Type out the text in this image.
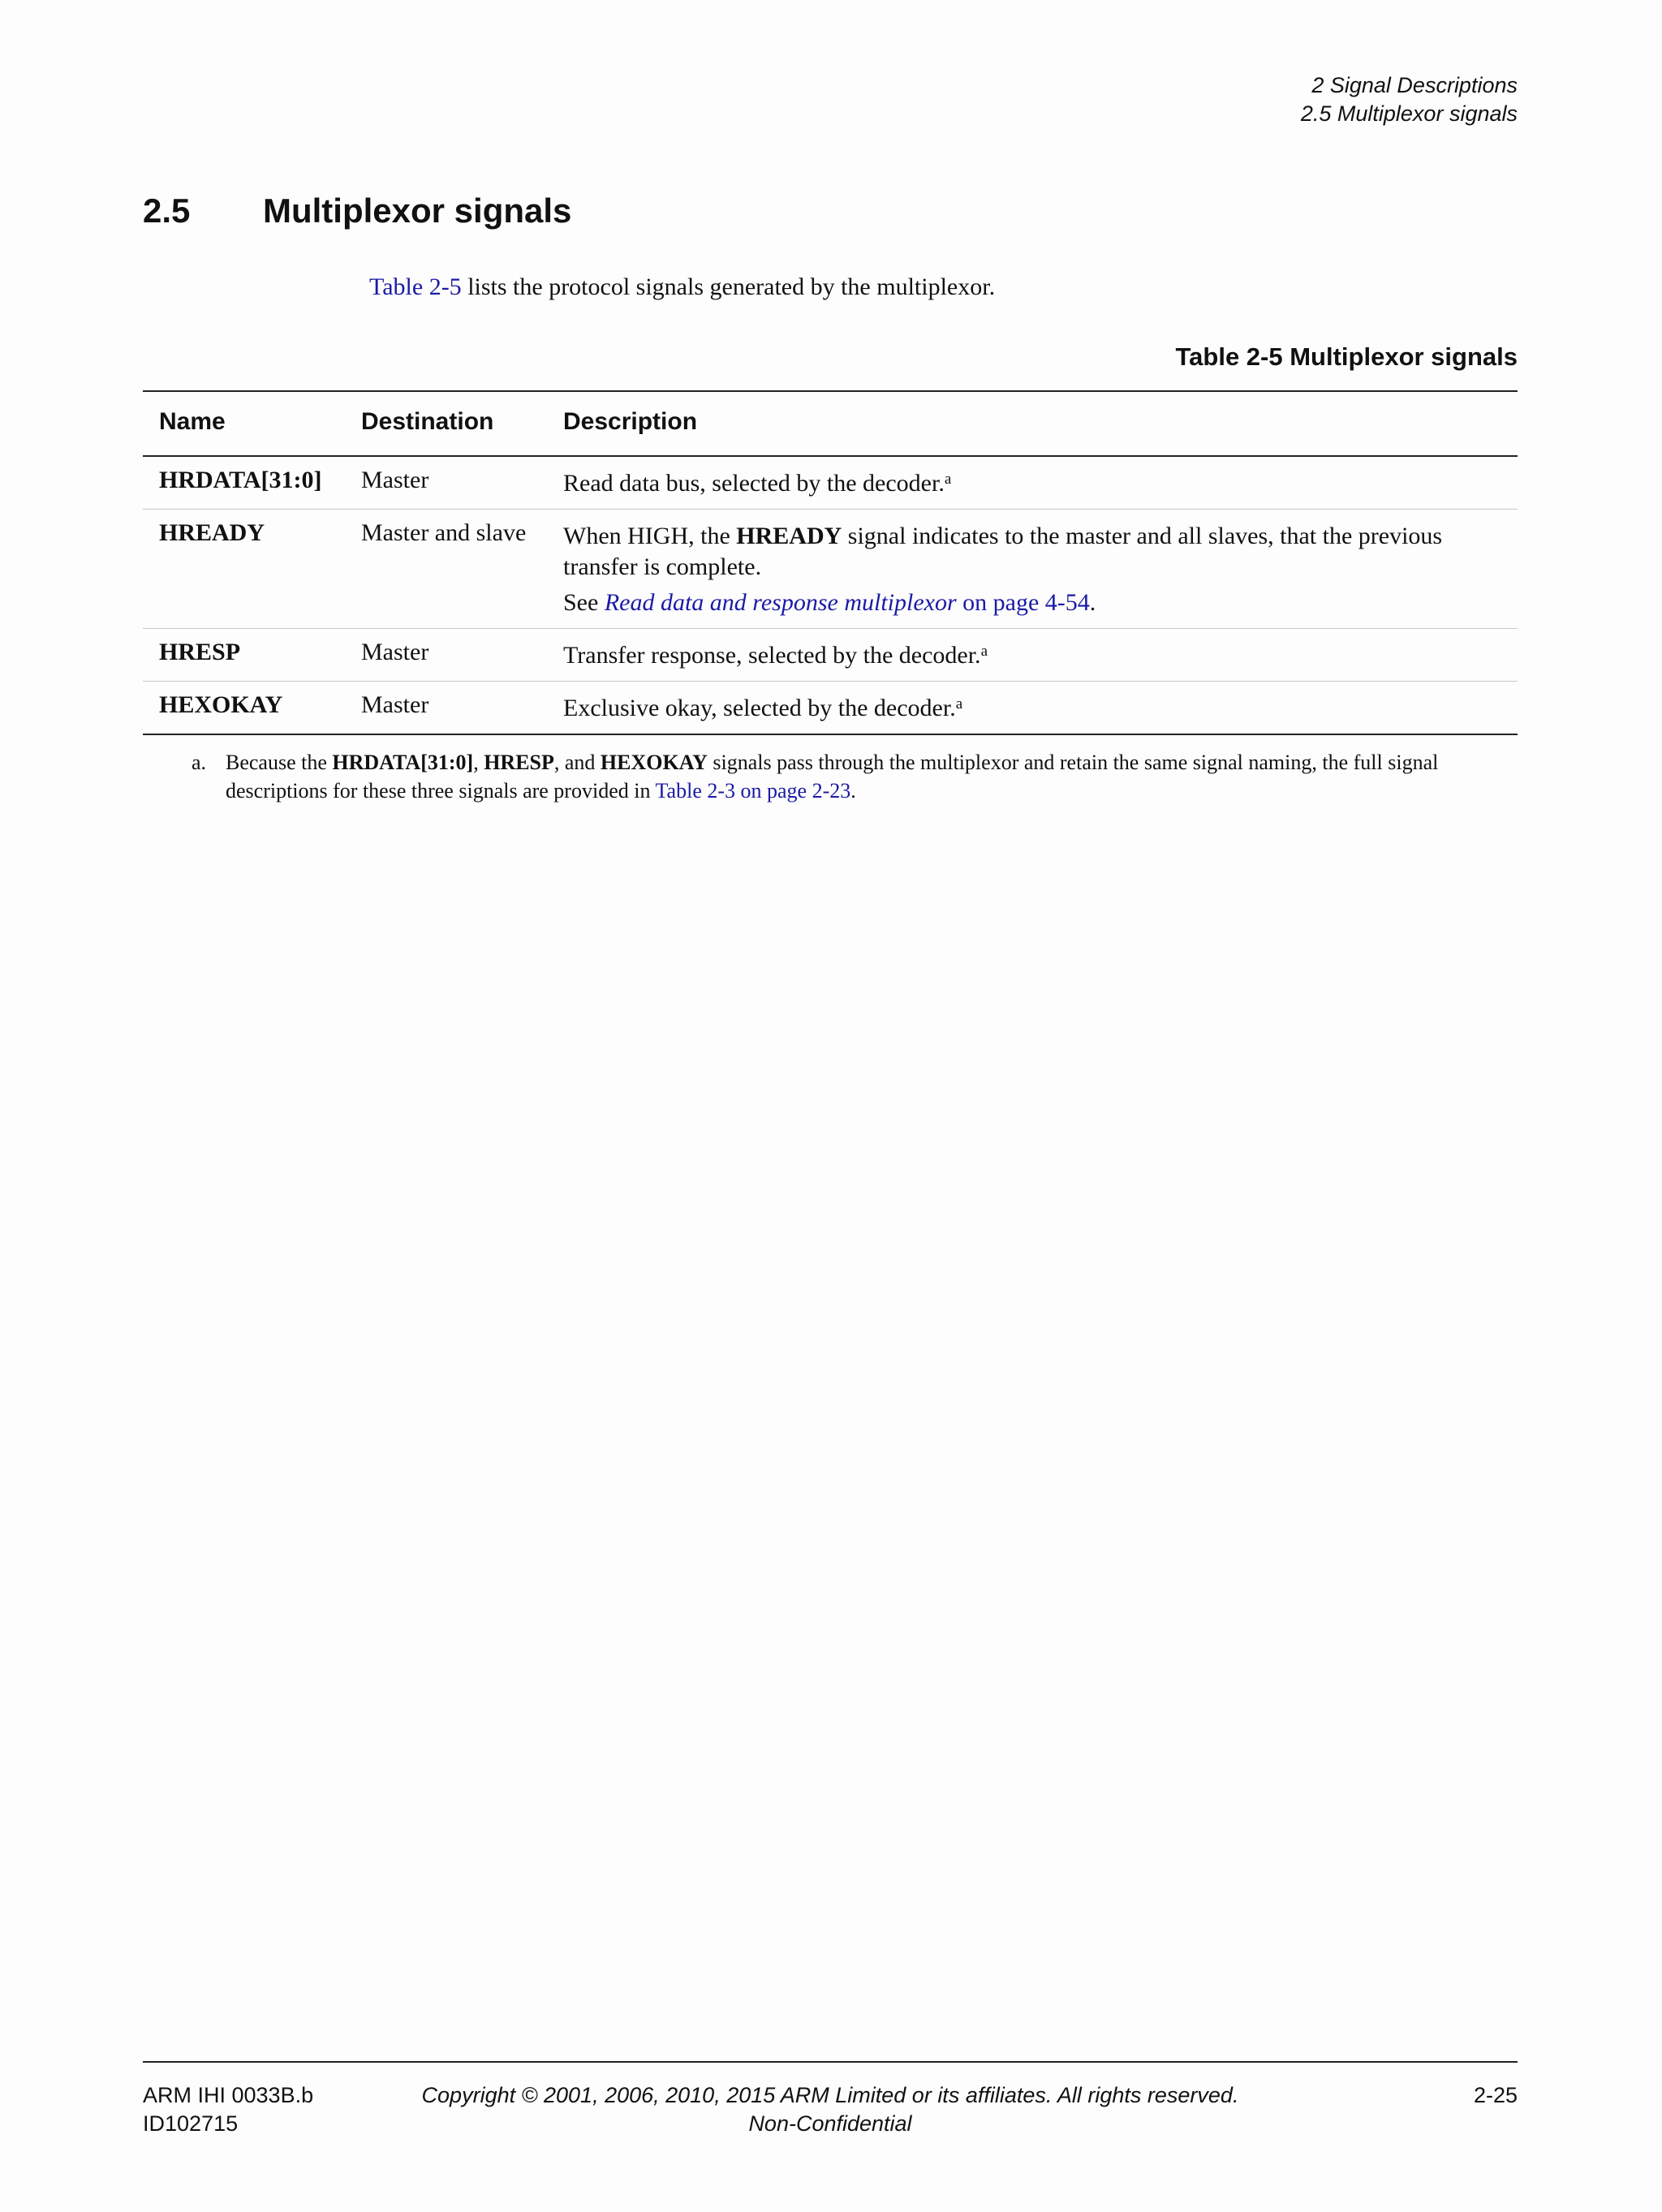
2 Signal Descriptions
2.5 Multiplexor signals
2.5 Multiplexor signals

Table 2-5 lists the protocol signals generated by the multiplexor.

Table 2-5 Multiplexor signals
Name	Destination	Description
HRDATA[31:0]	Master	Read data bus, selected by the decoder.$^a$
HREADY	Master and slave	When HIGH, the HREADY signal indicates to the master and all slaves, that the previous transfer is complete.
See Read data and response multiplexor on page 4-54.

HRESP	Master	Transfer response, selected by the decoder.$^a$
HEXOKAY	Master	Exclusive okay, selected by the decoder.$^a$
a. Because the HRDATA[31:0], HRESP, and HEXOKAY signals pass through the multiplexor and retain the same signal naming, the full signal descriptions for these three signals are provided in Table 2-3 on page 2-23.
ARM IHI 0033B.b
ID102715
Copyright © 2001, 2006, 2010, 2015 ARM Limited or its affiliates. All rights reserved.
Non-Confidential
2-25
